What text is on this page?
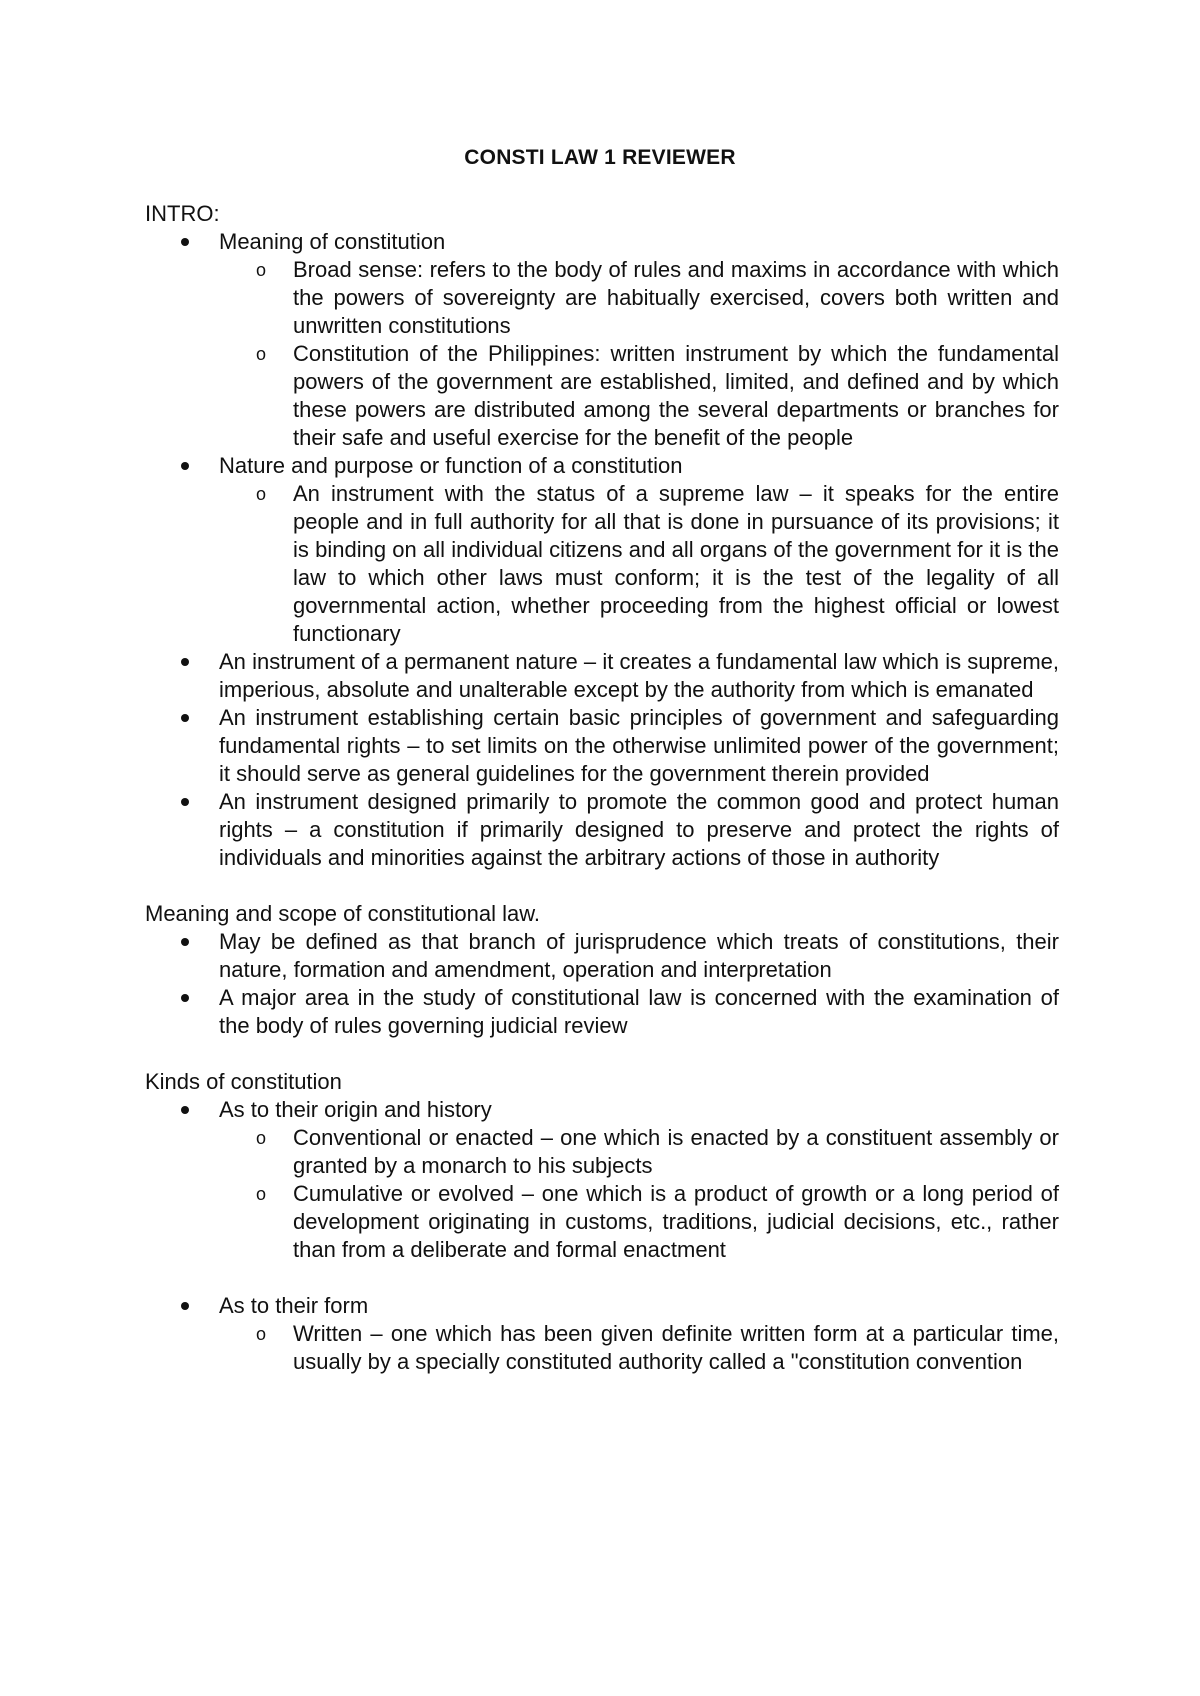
CONSTI LAW 1 REVIEWER
INTRO:
Meaning of constitution
o Broad sense: refers to the body of rules and maxims in accordance with which the powers of sovereignty are habitually exercised, covers both written and unwritten constitutions
o Constitution of the Philippines: written instrument by which the fundamental powers of the government are established, limited, and defined and by which these powers are distributed among the several departments or branches for their safe and useful exercise for the benefit of the people
Nature and purpose or function of a constitution
o An instrument with the status of a supreme law – it speaks for the entire people and in full authority for all that is done in pursuance of its provisions; it is binding on all individual citizens and all organs of the government for it is the law to which other laws must conform; it is the test of the legality of all governmental action, whether proceeding from the highest official or lowest functionary
An instrument of a permanent nature – it creates a fundamental law which is supreme, imperious, absolute and unalterable except by the authority from which is emanated
An instrument establishing certain basic principles of government and safeguarding fundamental rights – to set limits on the otherwise unlimited power of the government; it should serve as general guidelines for the government therein provided
An instrument designed primarily to promote the common good and protect human rights – a constitution if primarily designed to preserve and protect the rights of individuals and minorities against the arbitrary actions of those in authority
Meaning and scope of constitutional law.
May be defined as that branch of jurisprudence which treats of constitutions, their nature, formation and amendment, operation and interpretation
A major area in the study of constitutional law is concerned with the examination of the body of rules governing judicial review
Kinds of constitution
As to their origin and history
o Conventional or enacted – one which is enacted by a constituent assembly or granted by a monarch to his subjects
o Cumulative or evolved – one which is a product of growth or a long period of development originating in customs, traditions, judicial decisions, etc., rather than from a deliberate and formal enactment
As to their form
o Written – one which has been given definite written form at a particular time, usually by a specially constituted authority called a "constitution convention
